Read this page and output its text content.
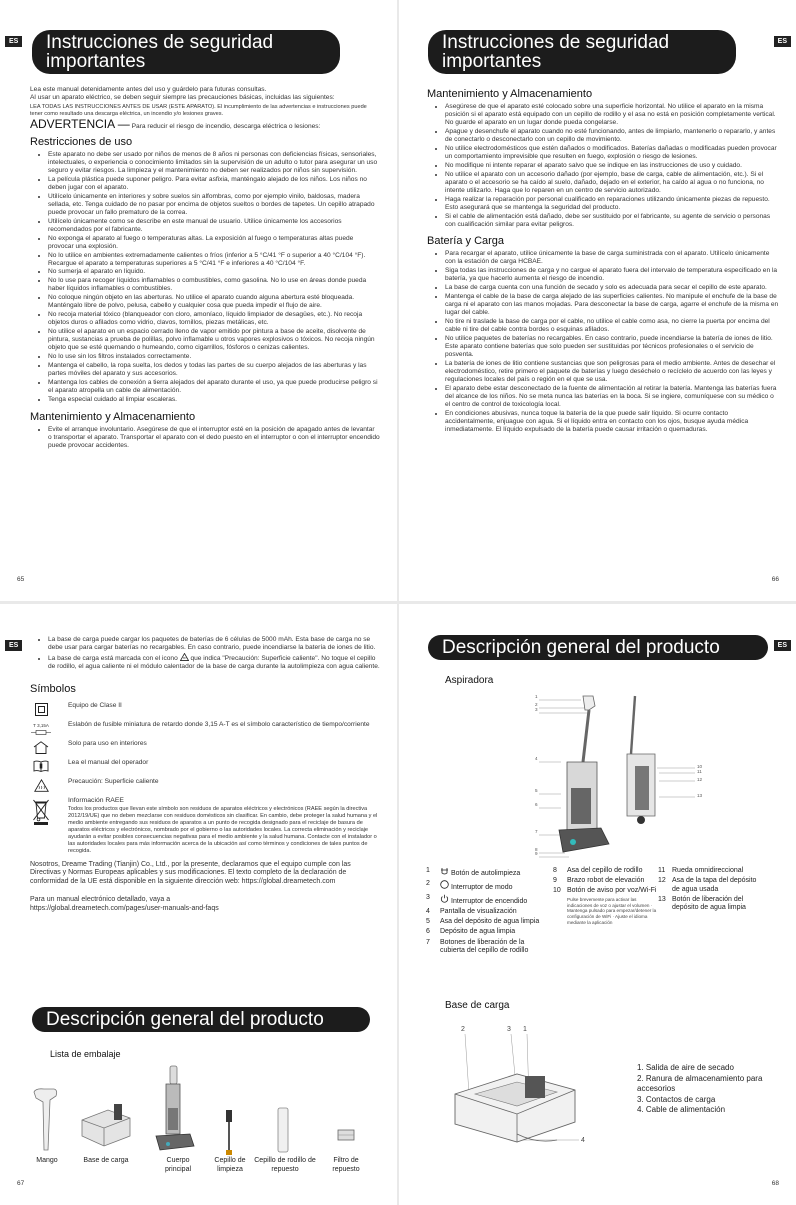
ES	Instrucciones de seguridad importantes

Lea este manual detenidamente antes del uso y guárdelo para futuras consultas.

Al usar un aparato eléctrico, se deben seguir siempre las precauciones básicas, incluidas las siguientes:

LEA TODAS LAS INSTRUCCIONES ANTES DE USAR (ESTE APARATO). El incumplimiento de las advertencias e instrucciones puede tener como resultado una descarga eléctrica, un incendio y/o lesiones graves.

ADVERTENCIA — Para reducir el riesgo de incendio, descarga eléctrica o lesiones:
Restricciones de uso
• Este aparato no debe ser usado por niños de menos de 8 años ni personas con deficiencias físicas, sensoriales, intelectuales, o experiencia o conocimiento limitados sin la supervisión de un adulto o tutor para asegurar un uso seguro y evitar riesgos. La limpieza y el mantenimiento no deben ser realizados por niños sin supervisión.
• La película plástica puede suponer peligro. Para evitar asfixia, manténgalo alejado de los niños. Los niños no deben jugar con el aparato.
• Utilícelo únicamente en interiores y sobre suelos sin alfombras, como por ejemplo vinilo, baldosas, madera sellada, etc. Tenga cuidado de no pasar por encima de objetos sueltos o bordes de tapetes. Un cepillo atrapado puede provocar un fallo prematuro de la correa.
• Utilícelo únicamente como se describe en este manual de usuario. Utilice únicamente los accesorios recomendados por el fabricante.
• No exponga el aparato al fuego o temperaturas altas. La exposición al fuego o temperaturas altas puede provocar una explosión.
• No lo utilice en ambientes extremadamente calientes o fríos (inferior a 5 °C/41 °F o superior a 40 °C/104 °F). Recargue el aparato a temperaturas superiores a 5 °C/41 °F e inferiores a 40 °C/104 °F.
• No sumerja el aparato en líquido.
• No lo use para recoger líquidos inflamables o combustibles, como gasolina. No lo use en áreas donde pueda haber líquidos inflamables o combustibles.
• No coloque ningún objeto en las aberturas. No utilice el aparato cuando alguna abertura esté bloqueada. Manténgalo libre de polvo, pelusa, cabello y cualquier cosa que pueda impedir el flujo de aire.
• No recoja material tóxico (blanqueador con cloro, amoníaco, líquido limpiador de desagües, etc.). No recoja objetos duros o afilados como vidrio, clavos, tornillos, piezas metálicas, etc.
• No utilice el aparato en un espacio cerrado lleno de vapor emitido por pintura a base de aceite, disolvente de pintura, sustancias a prueba de polillas, polvo inflamable u otros vapores explosivos o tóxicos. No recoja ningún objeto que se esté quemando o humeando, como cigarrillos, fósforos o cenizas calientes.
• No lo use sin los filtros instalados correctamente.
• Mantenga el cabello, la ropa suelta, los dedos y todas las partes de su cuerpo alejados de las aberturas y las partes móviles del aparato y sus accesorios.
• Mantenga los cables de conexión a tierra alejados del aparato durante el uso, ya que puede producirse peligro si el aparato atropella un cable de alimentación.
• Tenga especial cuidado al limpiar escaleras.
Mantenimiento y Almacenamiento
• Evite el arranque involuntario. Asegúrese de que el interruptor esté en la posición de apagado antes de levantar o transportar el aparato. Transportar el aparato con el dedo puesto en el interruptor o con el interruptor encendido puede provocar accidentes.
65
ES
Instrucciones de seguridad importantes
Mantenimiento y Almacenamiento
• Asegúrese de que el aparato esté colocado sobre una superficie horizontal. No utilice el aparato en la misma posición si el aparato está equipado con un cepillo de rodillo y el asa no está en posición completamente vertical. No guarde el aparato en un lugar donde pueda congelarse.
• Apague y desenchufe el aparato cuando no esté funcionando, antes de limpiarlo, mantenerlo o repararlo, y antes de conectarlo o desconectarlo con un cepillo de movimiento.
• No utilice electrodomésticos que estén dañados o modificados. Baterías dañadas o modificadas pueden provocar un comportamiento imprevisible que resulten en fuego, explosión o riesgo de lesiones.
• No modifique ni intente reparar el aparato salvo que se indique en las instrucciones de uso y cuidado.
• No utilice el aparato con un accesorio dañado (por ejemplo, base de carga, cable de alimentación, etc.). Si el aparato o el accesorio se ha caído al suelo, dañado, dejado en el exterior, ha caído al agua o no funciona, no intente utilizarlo. Haga que lo reparen en un centro de servicio autorizado.
• Haga realizar la reparación por personal cualificado en reparaciones utilizando únicamente piezas de repuesto. Esto asegurará que se mantenga la seguridad del producto.
• Si el cable de alimentación está dañado, debe ser sustituido por el fabricante, su agente de servicio o personas con cualificación similar para evitar peligros.
Batería y Carga
• Para recargar el aparato, utilice únicamente la base de carga suministrada con el aparato. Utilícelo únicamente con la estación de carga HCBAE.
• Siga todas las instrucciones de carga y no cargue el aparato fuera del intervalo de temperatura especificado en la batería, ya que hacerlo aumenta el riesgo de incendio.
• La base de carga cuenta con una función de secado y solo es adecuada para secar el cepillo de este aparato.
• Mantenga el cable de la base de carga alejado de las superficies calientes. No manipule el enchufe de la base de carga ni el aparato con las manos mojadas. Para desconectar la base de carga, agarre el enchufe de la misma en lugar del cable.
• No tire ni traslade la base de carga por el cable, no utilice el cable como asa, no cierre la puerta por encima del cable ni tire del cable contra bordes o esquinas afilados.
• No utilice paquetes de baterías no recargables. En caso contrario, puede incendiarse la batería de iones de litio. Este aparato contiene baterías que solo pueden ser sustituidas por técnicos profesionales o el servicio de posventa.
• La batería de iones de litio contiene sustancias que son peligrosas para el medio ambiente. Antes de desechar el electrodoméstico, retire primero el paquete de baterías y luego deséchelo o recíclelo de acuerdo con las leyes y regulaciones locales del país o región en el que se usa.
• El aparato debe estar desconectado de la fuente de alimentación al retirar la batería. Mantenga las baterías fuera del alcance de los niños. No se meta nunca las baterías en la boca. Si se ingiere, comuníquese con su médico o el centro de control de toxicología local.
• En condiciones abusivas, nunca toque la batería de la que puede salir líquido. Si ocurre contacto accidentalmente, enjuague con agua. Si el líquido entra en contacto con los ojos, busque ayuda médica inmediatamente. El líquido expulsado de la batería puede causar irritación o quemaduras.
66
ES
• La base de carga puede cargar los paquetes de baterías de 6 células de 5000 mAh. Esta base de carga no se debe usar para cargar baterías no recargables. En caso contrario, puede incendiarse la batería de iones de litio.
• La base de carga está marcada con el icono que indica "Precaución: Superficie caliente". No toque el cepillo de rodillo, el agua caliente ni el módulo calentador de la base de carga durante la autolimpieza con agua caliente.
Símbolos
Equipo de Clase II
T 3,15A	Eslabón de fusible miniatura de retardo donde 3,15 A-T es el símbolo característico de tiempo/corriente
Solo para uso en interiores
Lea el manual del operador
Precaución: Superficie caliente
Información RAEE
Todos los productos que llevan este símbolo son residuos de aparatos eléctricos y electrónicos (RAEE según la directiva 2012/19/UE) que no deben mezclarse con residuos domésticos sin clasificar. En cambio, debe proteger la salud humana y el medio ambiente entregando sus residuos de aparatos a un punto de recogida designado para el reciclaje de basura de aparatos eléctricos y electrónicos, nombrado por el gobierno o las autoridades locales. La correcta eliminación y reciclaje ayudarán a evitar posibles consecuencias negativas para el medio ambiente y la salud humana. Contacte con el instalador o las autoridades locales para más información acerca de la ubicación así como términos y condiciones de tales puntos de recogida.

Nosotros, Dreame Trading (Tianjin) Co., Ltd., por la presente, declaramos que el equipo cumple con las Directivas y Normas Europeas aplicables y sus modificaciones. El texto completo de la declaración de conformidad de la UE está disponible en la siguiente dirección web: https://global.dreametech.com

Para un manual electrónico detallado, vaya a

https://global.dreametech.com/pages/user-manuals-and-faqs

Descripción general del producto
Lista de embalaje
Mango	Base de carga	Cuerpo principal
Cepillo de limpieza
Cepillo de rodillo de repuesto
Filtro de repuesto
67
ES
Descripción general del producto
Aspiradora
1
2
3
4
5
6
7
8
9
10
11
12
13
1	Botón de autolimpieza
2
Interruptor de modo
3
Interruptor de encendido
4	Pantalla de visualización
5	Asa del depósito de agua limpia
6	Depósito de agua limpia
7	Botones de liberación de la cubierta del cepillo de rodillo
8	Asa del cepillo de rodillo
9	Brazo robot de elevación
10 Botón de aviso por voz/Wi-Fi
Pulse brevemente para activar las indicaciones de voz o ajustar el volumen · Mantenga pulsado para empezar/detener la configuración de WiFi · Ajuste el idioma mediante la aplicación
11 Rueda omnidireccional
12 Asa de la tapa del depósito de agua usada
13 Botón de liberación del depósito de agua limpia
Base de carga
2	3 1
4
1. Salida de aire de secado
2. Ranura de almacenamiento para accesorios
3. Contactos de carga
4. Cable de alimentación
68
